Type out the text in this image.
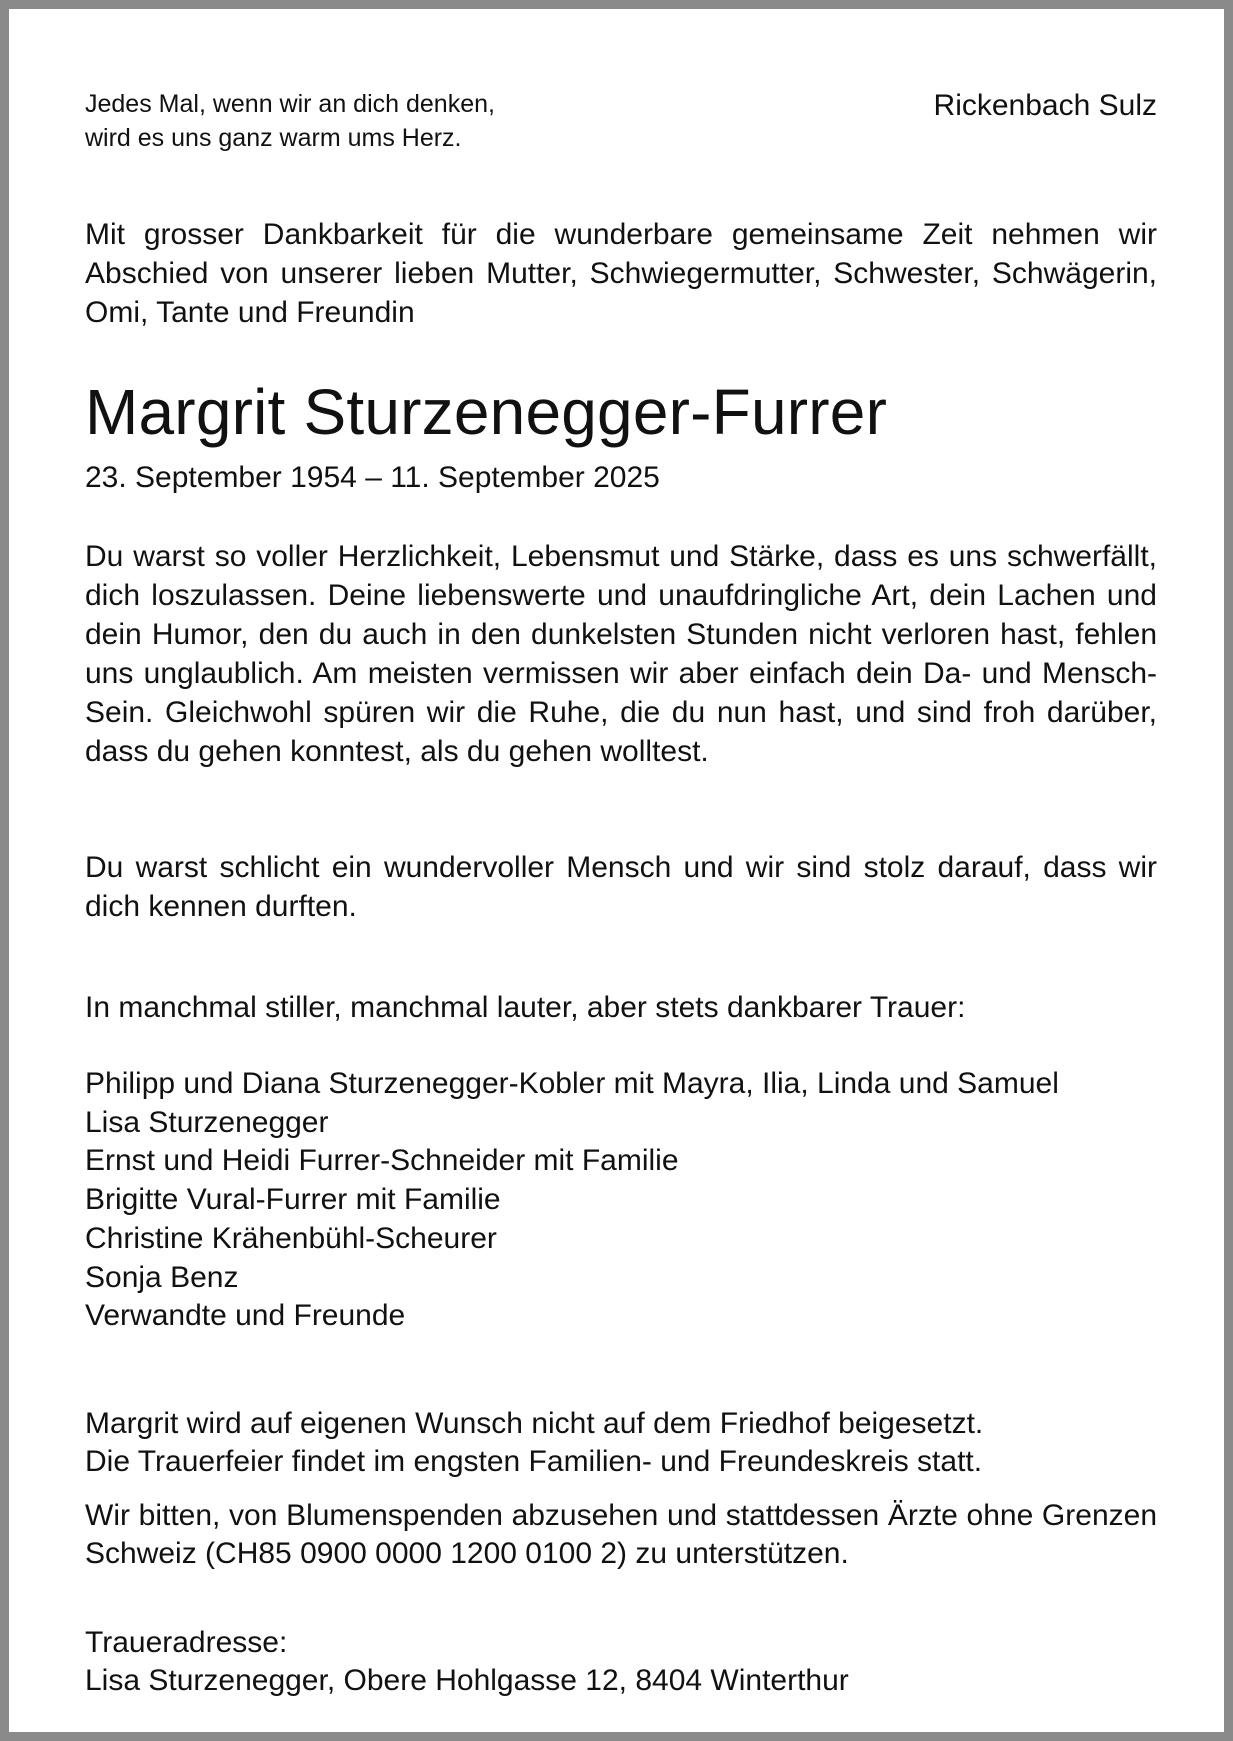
Jedes Mal, wenn wir an dich denken,
wird es uns ganz warm ums Herz.
Rickenbach Sulz
Mit grosser Dankbarkeit für die wunderbare gemeinsame Zeit nehmen wir Abschied von unserer lieben Mutter, Schwiegermutter, Schwester, Schwägerin, Omi, Tante und Freundin
Margrit Sturzenegger-Furrer
23. September 1954 – 11. September 2025
Du warst so voller Herzlichkeit, Lebensmut und Stärke, dass es uns schwerfällt, dich loszulassen. Deine liebenswerte und unaufdringliche Art, dein Lachen und dein Humor, den du auch in den dunkelsten Stunden nicht verloren hast, fehlen uns unglaublich. Am meisten vermissen wir aber einfach dein Da- und Mensch-Sein. Gleichwohl spüren wir die Ruhe, die du nun hast, und sind froh darüber, dass du gehen konntest, als du gehen wolltest.
Du warst schlicht ein wundervoller Mensch und wir sind stolz darauf, dass wir dich kennen durften.
In manchmal stiller, manchmal lauter, aber stets dankbarer Trauer:
Philipp und Diana Sturzenegger-Kobler mit Mayra, Ilia, Linda und Samuel
Lisa Sturzenegger
Ernst und Heidi Furrer-Schneider mit Familie
Brigitte Vural-Furrer mit Familie
Christine Krähenbühl-Scheurer
Sonja Benz
Verwandte und Freunde
Margrit wird auf eigenen Wunsch nicht auf dem Friedhof beigesetzt.
Die Trauerfeier findet im engsten Familien- und Freundeskreis statt.
Wir bitten, von Blumenspenden abzusehen und stattdessen Ärzte ohne Grenzen Schweiz (CH85 0900 0000 1200 0100 2) zu unterstützen.
Traueradresse:
Lisa Sturzenegger, Obere Hohlgasse 12, 8404 Winterthur
